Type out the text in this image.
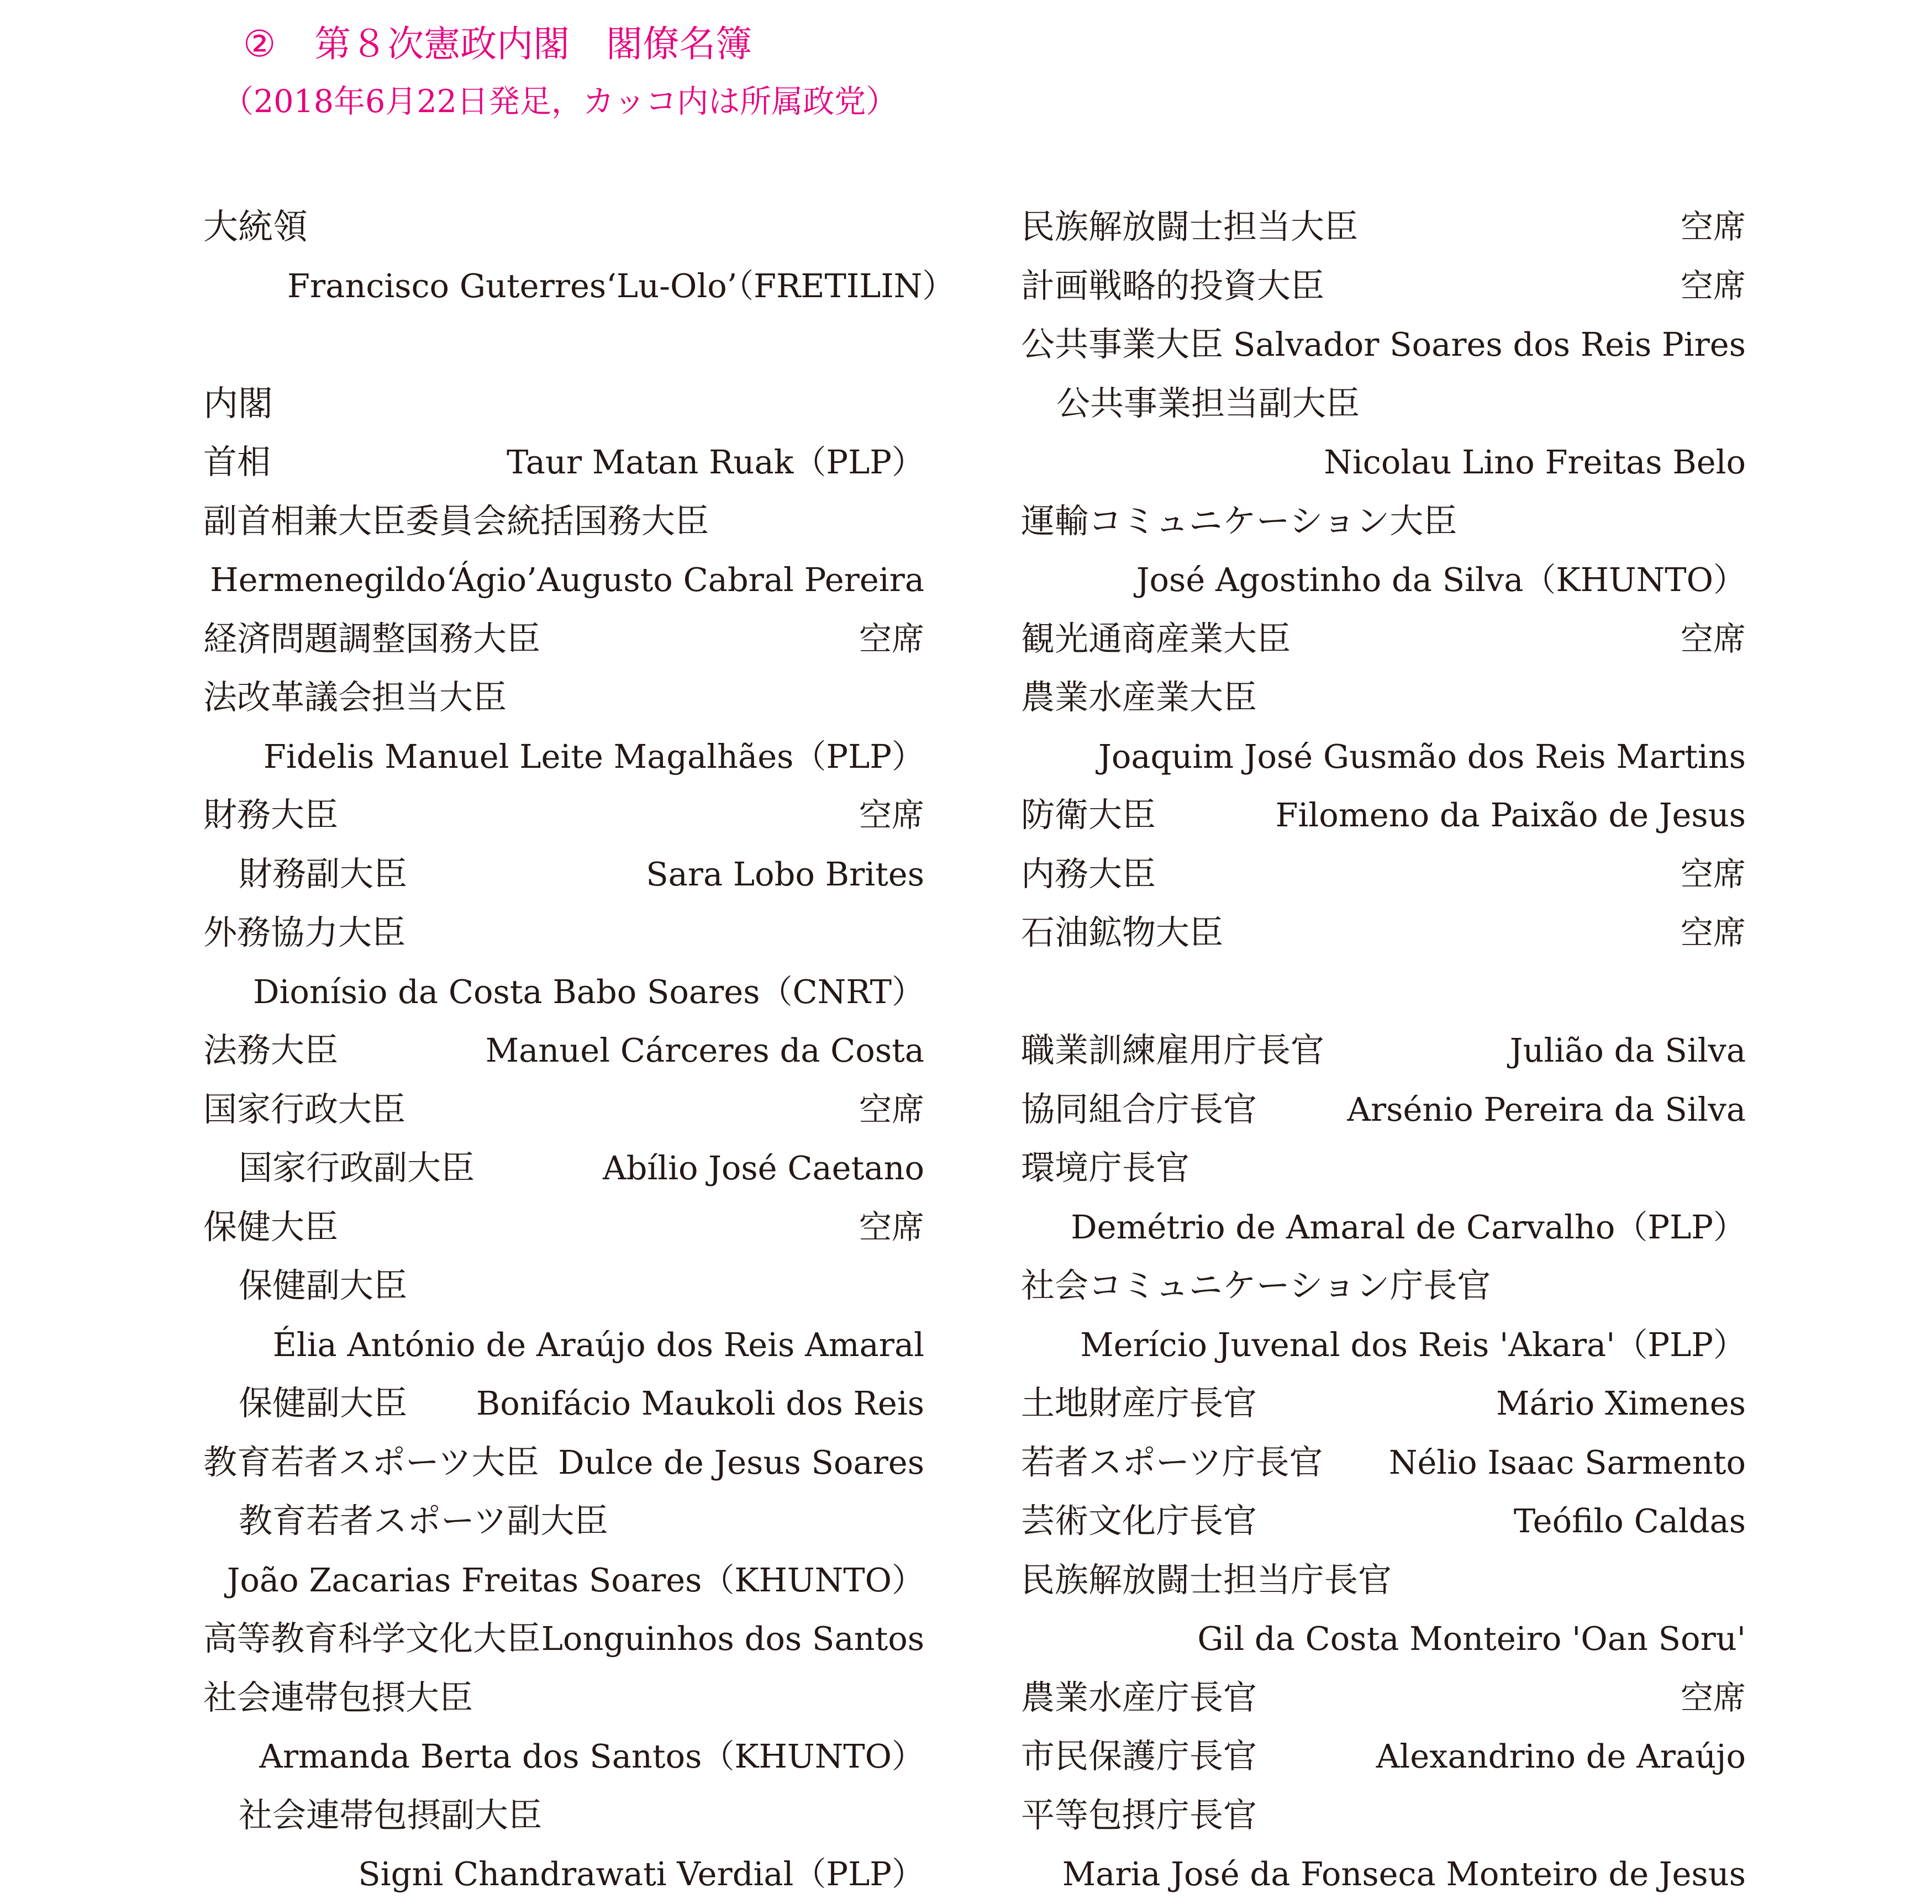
② 第８次憲政内閣 閣僚名簿
（2018年6月22日発足，カッコ内は所属政党）
大統領
Francisco Guterres‘Lu-Olo’（FRETILIN）
内閣
首相	Taur Matan Ruak（PLP）
副首相兼大臣委員会統括国務大臣
Hermenegildo‘Ágio’Augusto Cabral Pereira
経済問題調整国務大臣	空席
法改革議会担当大臣
Fidelis Manuel Leite Magalhães（PLP）
財務大臣	空席
財務副大臣	Sara Lobo Brites
外務協力大臣
Dionísio da Costa Babo Soares（CNRT）
法務大臣	Manuel Cárceres da Costa
国家行政大臣	空席
国家行政副大臣	Abílio José Caetano
保健大臣	空席
保健副大臣
Élia António de Araújo dos Reis Amaral
保健副大臣 Bonifácio Maukoli dos Reis
教育若者スポーツ大臣 Dulce de Jesus Soares
教育若者スポーツ副大臣
João Zacarias Freitas Soares（KHUNTO）
高等教育科学文化大臣 Longuinhos dos Santos
社会連帯包摂大臣
Armanda Berta dos Santos（KHUNTO）
社会連帯包摂副大臣
Signi Chandrawati Verdial（PLP）
民族解放闘士担当大臣	空席
計画戦略的投資大臣	空席
公共事業大臣 Salvador Soares dos Reis Pires
公共事業担当副大臣
Nicolau Lino Freitas Belo
運輸コミュニケーション大臣
José Agostinho da Silva（KHUNTO）
観光通商産業大臣	空席
農業水産業大臣
Joaquim José Gusmão dos Reis Martins
防衛大臣	Filomeno da Paixão de Jesus
内務大臣	空席
石油鉱物大臣	空席
職業訓練雇用庁長官	Julião da Silva
協同組合庁長官	Arsénio Pereira da Silva
環境庁長官
Demétrio de Amaral de Carvalho（PLP）
社会コミュニケーション庁長官
Merício Juvenal dos Reis 'Akara'（PLP）
土地財産庁長官	Mário Ximenes
若者スポーツ庁長官 Nélio Isaac Sarmento
芸術文化庁長官	Teófilo Caldas
民族解放闘士担当庁長官
Gil da Costa Monteiro 'Oan Soru'
農業水産庁長官	空席
市民保護庁長官	Alexandrino de Araújo
平等包摂庁長官
Maria José da Fonseca Monteiro de Jesus
